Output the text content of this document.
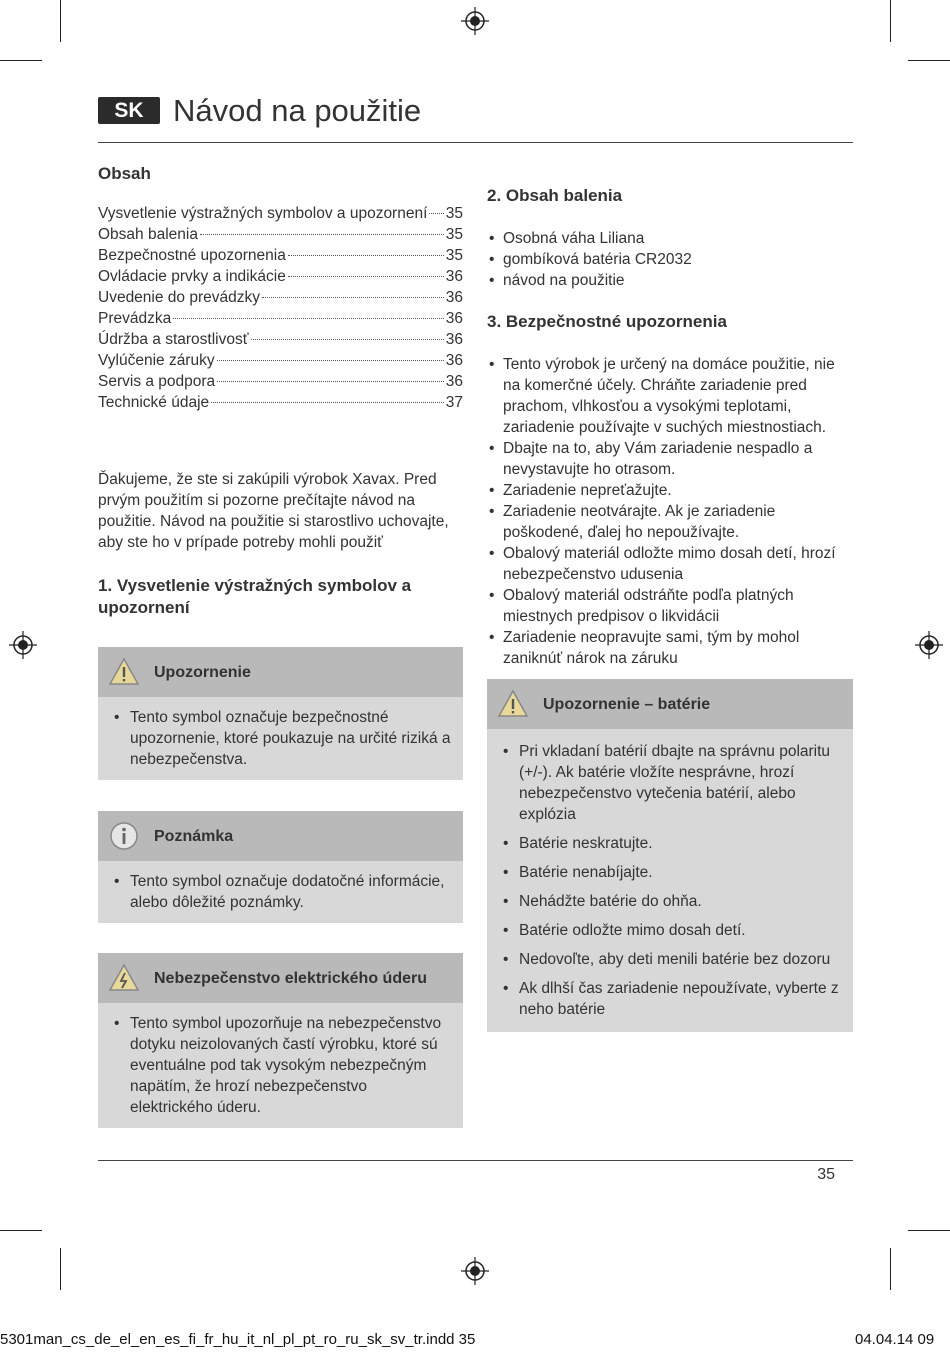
SK Návod na použitie
Obsah
Vysvetlenie výstražných symbolov a upozornení 35
Obsah balenia	35
Bezpečnostné upozornenia	35
Ovládacie prvky a indikácie	36
Uvedenie do prevádzky	36
Prevádzka	36
Údržba a starostlivosť	36
Vylúčenie záruky	36
Servis a podpora	36
Technické údaje	37

Ďakujeme, že ste si zakúpili výrobok Xavax. Pred prvým použitím si pozorne prečítajte návod na použitie. Návod na použitie si starostlivo uchovajte, aby ste ho v prípade potreby mohli použiť

1. Vysvetlenie výstražných symbolov a upozornení
Upozornenie
• Tento symbol označuje bezpečnostné upozornenie, ktoré poukazuje na určité riziká a nebezpečenstva.
Poznámka
• Tento symbol označuje dodatočné informácie, alebo dôležité poznámky.
Nebezpečenstvo elektrického úderu
• Tento symbol upozorňuje na nebezpečenstvo dotyku neizolovaných častí výrobku, ktoré sú eventuálne pod tak vysokým nebezpečným napätím, že hrozí nebezpečenstvo elektrického úderu.
2. Obsah balenia
• Osobná váha Liliana
• gombíková batéria CR2032
• návod na použitie
3. Bezpečnostné upozornenia
• Tento výrobok je určený na domáce použitie, nie na komerčné účely. Chráňte zariadenie pred prachom, vlhkosťou a vysokými teplotami, zariadenie používajte v suchých miestnostiach.
• Dbajte na to, aby Vám zariadenie nespadlo a nevystavujte ho otrasom.
• Zariadenie nepreťažujte.
• Zariadenie neotvárajte. Ak je zariadenie poškodené, ďalej ho nepoužívajte.
• Obalový materiál odložte mimo dosah detí, hrozí nebezpečenstvo udusenia
• Obalový materiál odstráňte podľa platných miestnych predpisov o likvidácii
• Zariadenie neopravujte sami, tým by mohol zaniknúť nárok na záruku
Upozornenie – batérie
• Pri vkladaní batérií dbajte na správnu polaritu (+/-). Ak batérie vložíte nesprávne, hrozí nebezpečenstvo vytečenia batérií, alebo explózia
• Batérie neskratujte.
• Batérie nenabíjajte.
• Nehádžte batérie do ohňa.
• Batérie odložte mimo dosah detí.
• Nedovoľte, aby deti menili batérie bez dozoru
• Ak dlhší čas zariadenie nepoužívate, vyberte z neho batérie
35
5301man_cs_de_el_en_es_fi_fr_hu_it_nl_pl_pt_ro_ru_sk_sv_tr.indd 35	04.04.14 09
